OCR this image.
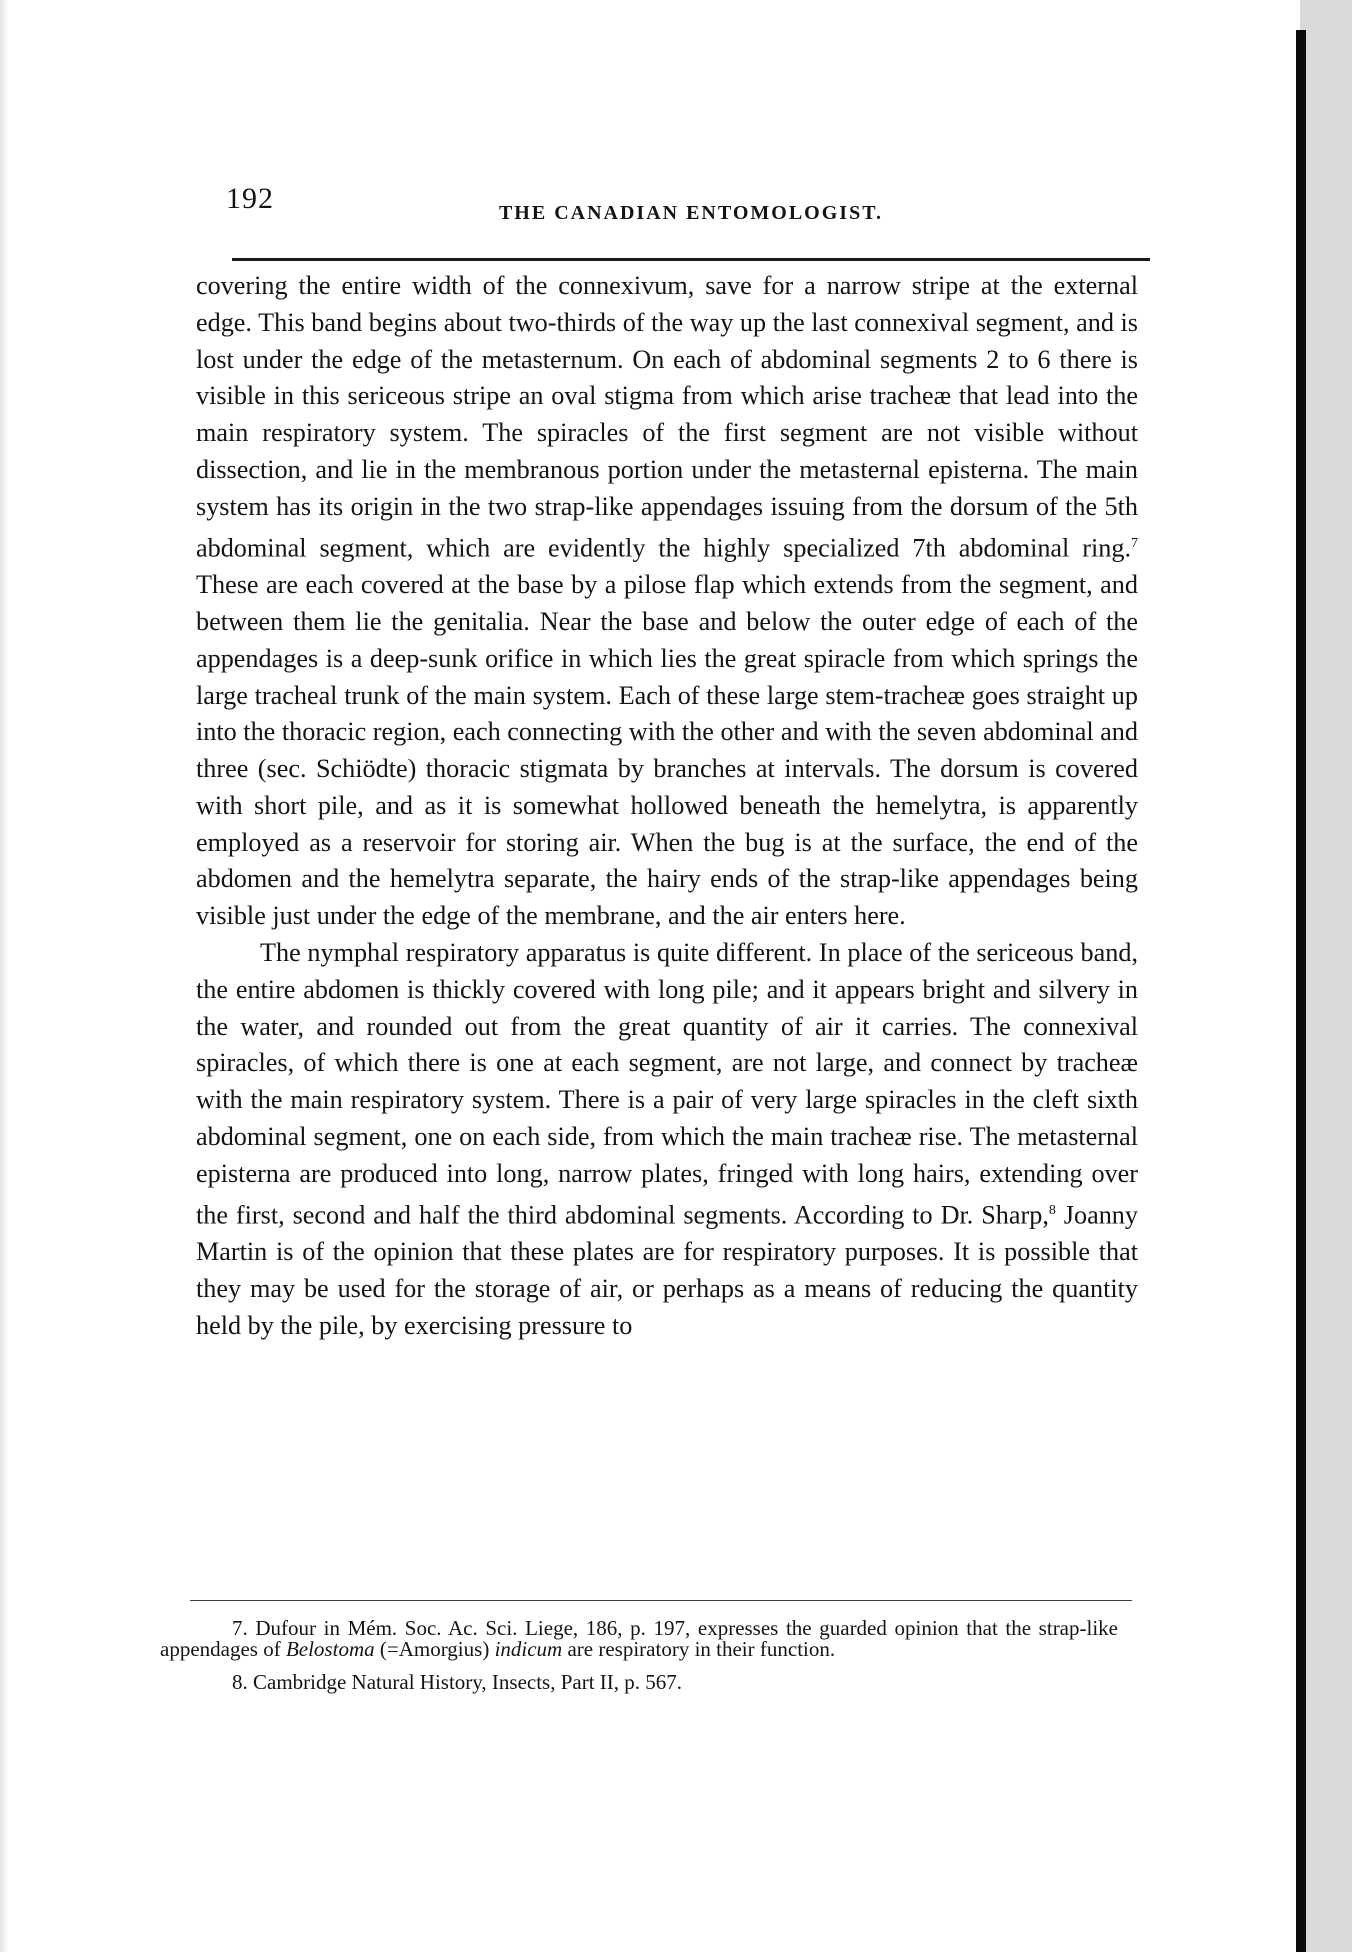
192	THE CANADIAN ENTOMOLOGIST.

covering the entire width of the connexivum, save for a narrow stripe at the external edge. This band begins about two-thirds of the way up the last connexival segment, and is lost under the edge of the metasternum. On each of abdominal segments 2 to 6 there is visible in this sericeous stripe an oval stigma from which arise tracheæ that lead into the main respiratory system. The spiracles of the first segment are not visible without dissection, and lie in the membranous portion under the metasternal episterna. The main system has its origin in the two strap-like appendages issuing from the dorsum of the 5th abdominal segment, which are evidently the highly specialized 7th abdominal ring.$^7$ These are each covered at the base by a pilose flap which extends from the segment, and between them lie the genitalia. Near the base and below the outer edge of each of the appendages is a deep-sunk orifice in which lies the great spiracle from which springs the large tracheal trunk of the main system. Each of these large stem-tracheæ goes straight up into the thoracic region, each connecting with the other and with the seven abdominal and three (sec. Schiödte) thoracic stigmata by branches at intervals. The dorsum is covered with short pile, and as it is somewhat hollowed beneath the hemelytra, is apparently employed as a reservoir for storing air. When the bug is at the surface, the end of the abdomen and the hemelytra separate, the hairy ends of the strap-like appendages being visible just under the edge of the membrane, and the air enters here.

The nymphal respiratory apparatus is quite different. In place of the sericeous band, the entire abdomen is thickly covered with long pile; and it appears bright and silvery in the water, and rounded out from the great quantity of air it carries. The connexival spiracles, of which there is one at each segment, are not large, and connect by tracheæ with the main respiratory system. There is a pair of very large spiracles in the cleft sixth abdominal segment, one on each side, from which the main tracheæ rise. The metasternal episterna are produced into long, narrow plates, fringed with long hairs, extending over the first, second and half the third abdominal segments. According to Dr. Sharp,$^8$ Joanny Martin is of the opinion that these plates are for respiratory purposes. It is possible that they may be used for the storage of air, or perhaps as a means of reducing the quantity held by the pile, by exercising pressure to

7. Dufour in Mém. Soc. Ac. Sci. Liege, 186, p. 197, expresses the guarded opinion that the strap-like appendages of Belostoma (=Amorgius) indicum are respiratory in their function.

8. Cambridge Natural History, Insects, Part II, p. 567.
